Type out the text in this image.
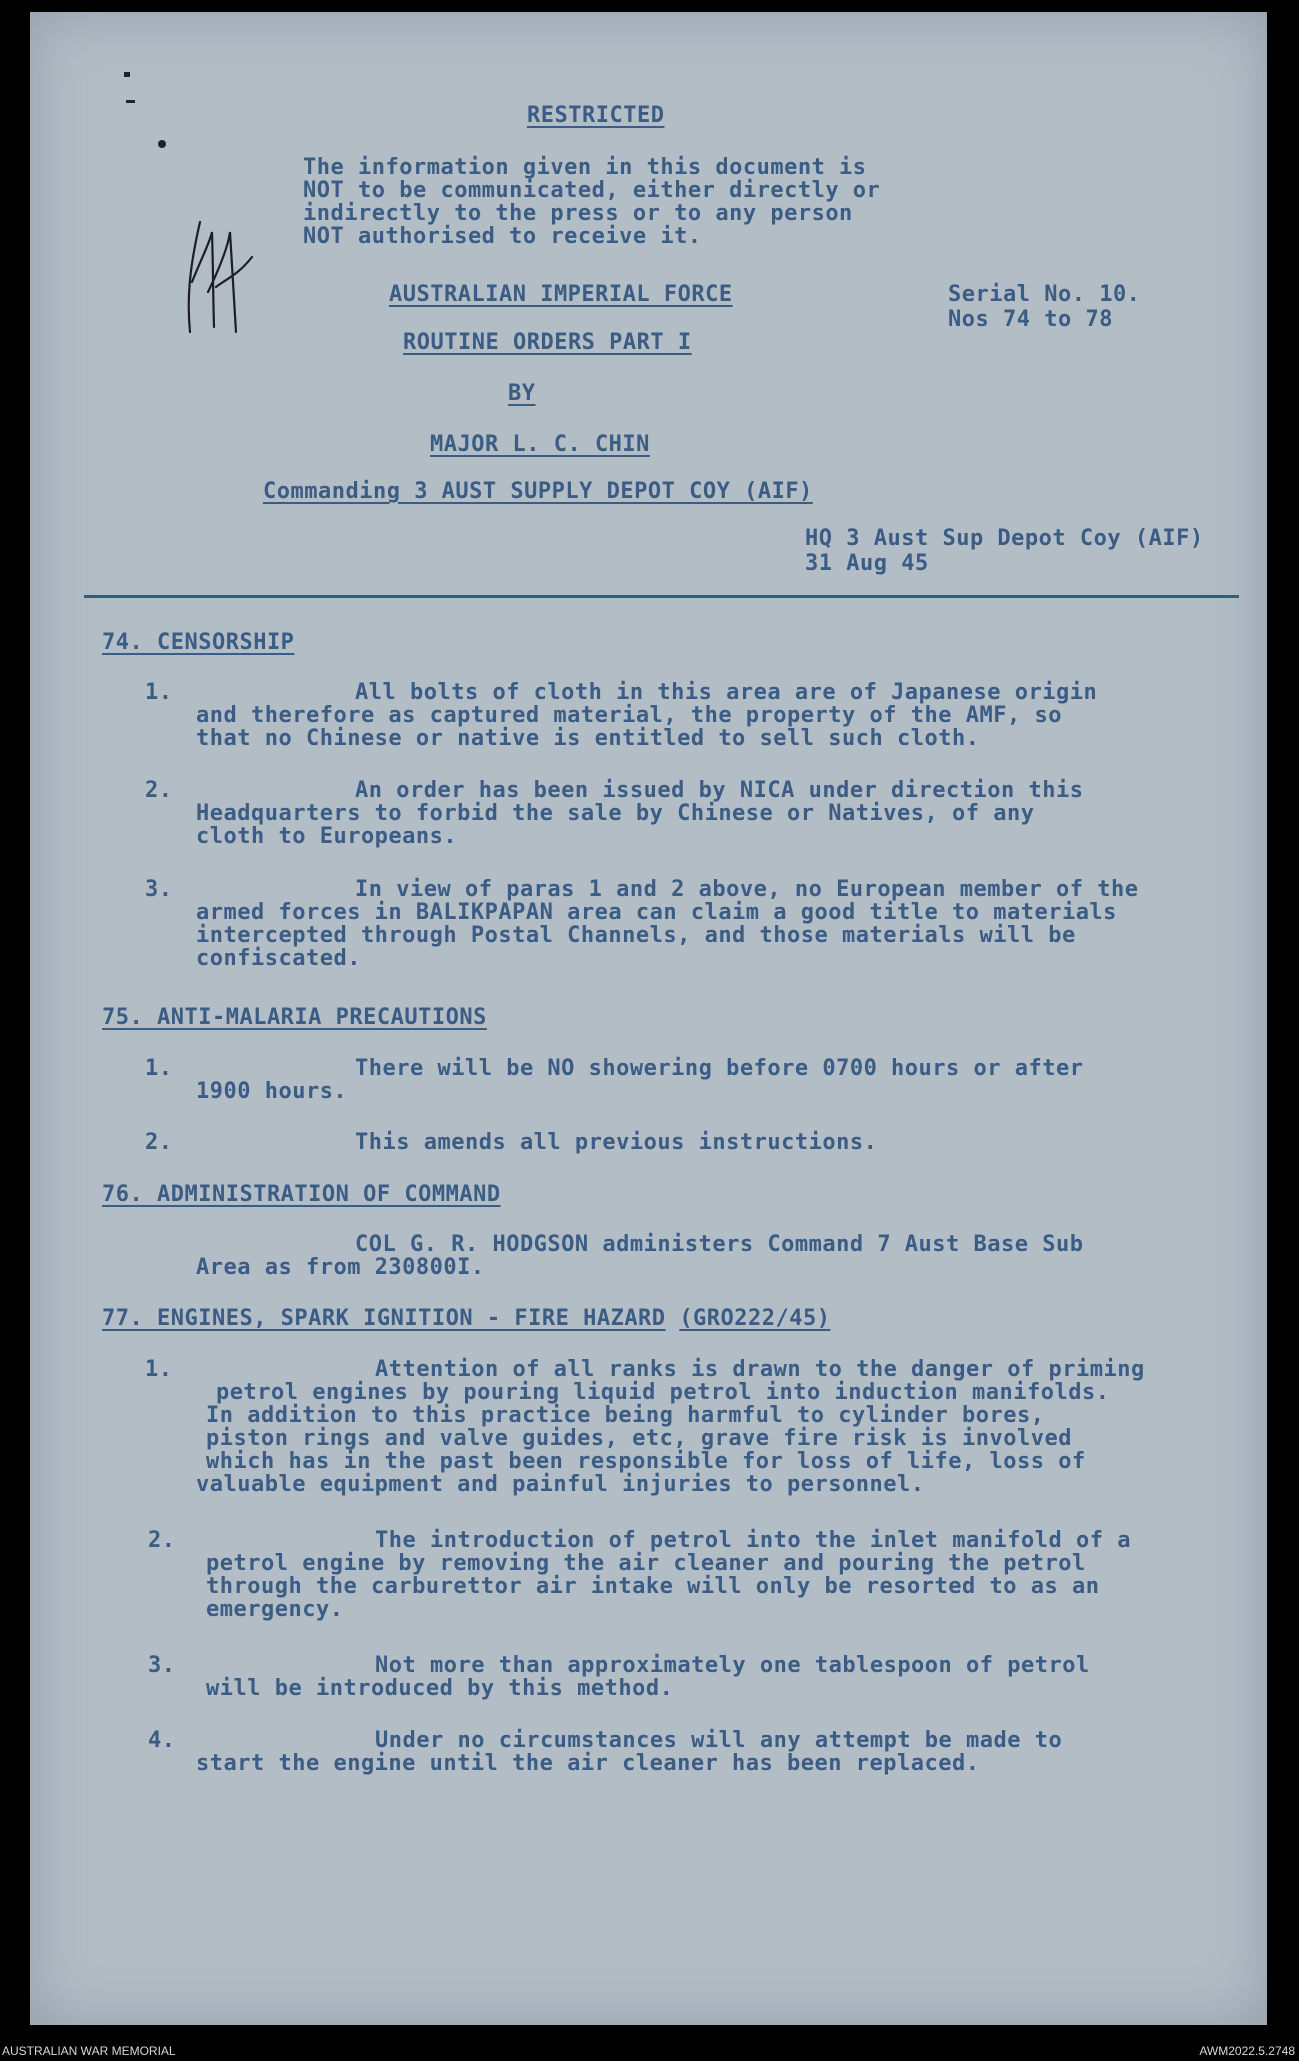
RESTRICTED
The information given in this document is
NOT to be communicated, either directly or
indirectly to the press or to any person
NOT authorised to receive it.
AUSTRALIAN IMPERIAL FORCE	Serial No. 10.
Nos 74 to 78
ROUTINE ORDERS PART I
BY
MAJOR L. C. CHIN
Commanding 3 AUST SUPPLY DEPOT COY (AIF)
HQ 3 Aust Sup Depot Coy (AIF)
31 Aug 45
74. CENSORSHIP
1.	All bolts of cloth in this area are of Japanese origin
and therefore as captured material, the property of the AMF, so
that no Chinese or native is entitled to sell such cloth.
2.	An order has been issued by NICA under direction this
Headquarters to forbid the sale by Chinese or Natives, of any
cloth to Europeans.
3.	In view of paras 1 and 2 above, no European member of the
armed forces in BALIKPAPAN area can claim a good title to materials
intercepted through Postal Channels, and those materials will be
confiscated.
75. ANTI-MALARIA PRECAUTIONS
1.	There will be NO showering before 0700 hours or after
1900 hours.
2.	This amends all previous instructions.
76. ADMINISTRATION OF COMMAND
COL G. R. HODGSON administers Command 7 Aust Base Sub
Area as from 230800I.
77. ENGINES, SPARK IGNITION - FIRE HAZARD (GRO222/45)
1.	Attention of all ranks is drawn to the danger of priming
petrol engines by pouring liquid petrol into induction manifolds.
In addition to this practice being harmful to cylinder bores,
piston rings and valve guides, etc, grave fire risk is involved
which has in the past been responsible for loss of life, loss of
valuable equipment and painful injuries to personnel.
2.	The introduction of petrol into the inlet manifold of a
petrol engine by removing the air cleaner and pouring the petrol
through the carburettor air intake will only be resorted to as an
emergency.
3.	Not more than approximately one tablespoon of petrol
will be introduced by this method.
4.	Under no circumstances will any attempt be made to
start the engine until the air cleaner has been replaced.
AUSTRALIAN WAR MEMORIAL	AWM2022.5.2748
